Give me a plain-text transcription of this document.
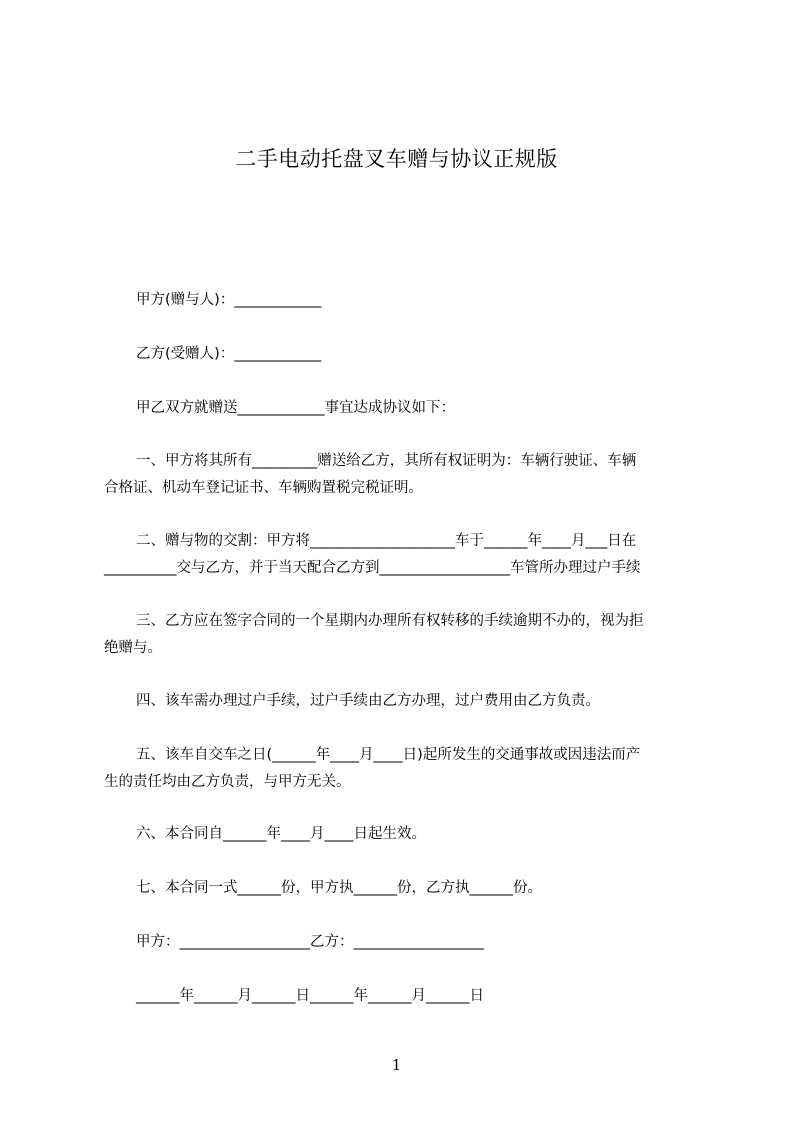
二手电动托盘叉车赠与协议正规版
甲方(赠与人)：____________
乙方(受赠人)：____________
甲乙双方就赠送____________事宜达成协议如下：
一、甲方将其所有_________赠送给乙方，其所有权证明为：车辆行驶证、车辆
合格证、机动车登记证书、车辆购置税完税证明。
二、赠与物的交割：甲方将____________________车于______年____月___日在
__________交与乙方，并于当天配合乙方到__________________车管所办理过户手续
三、乙方应在签字合同的一个星期内办理所有权转移的手续逾期不办的，视为拒
绝赠与。
四、该车需办理过户手续，过户手续由乙方办理，过户费用由乙方负责。
五、该车自交车之日(______年____月____日)起所发生的交通事故或因违法而产
生的责任均由乙方负责，与甲方无关。
六、本合同自______年____月____日起生效。
七、本合同一式______份，甲方执______份，乙方执______份。
甲方：__________________乙方：__________________
______年______月______日______年______月______日
1
